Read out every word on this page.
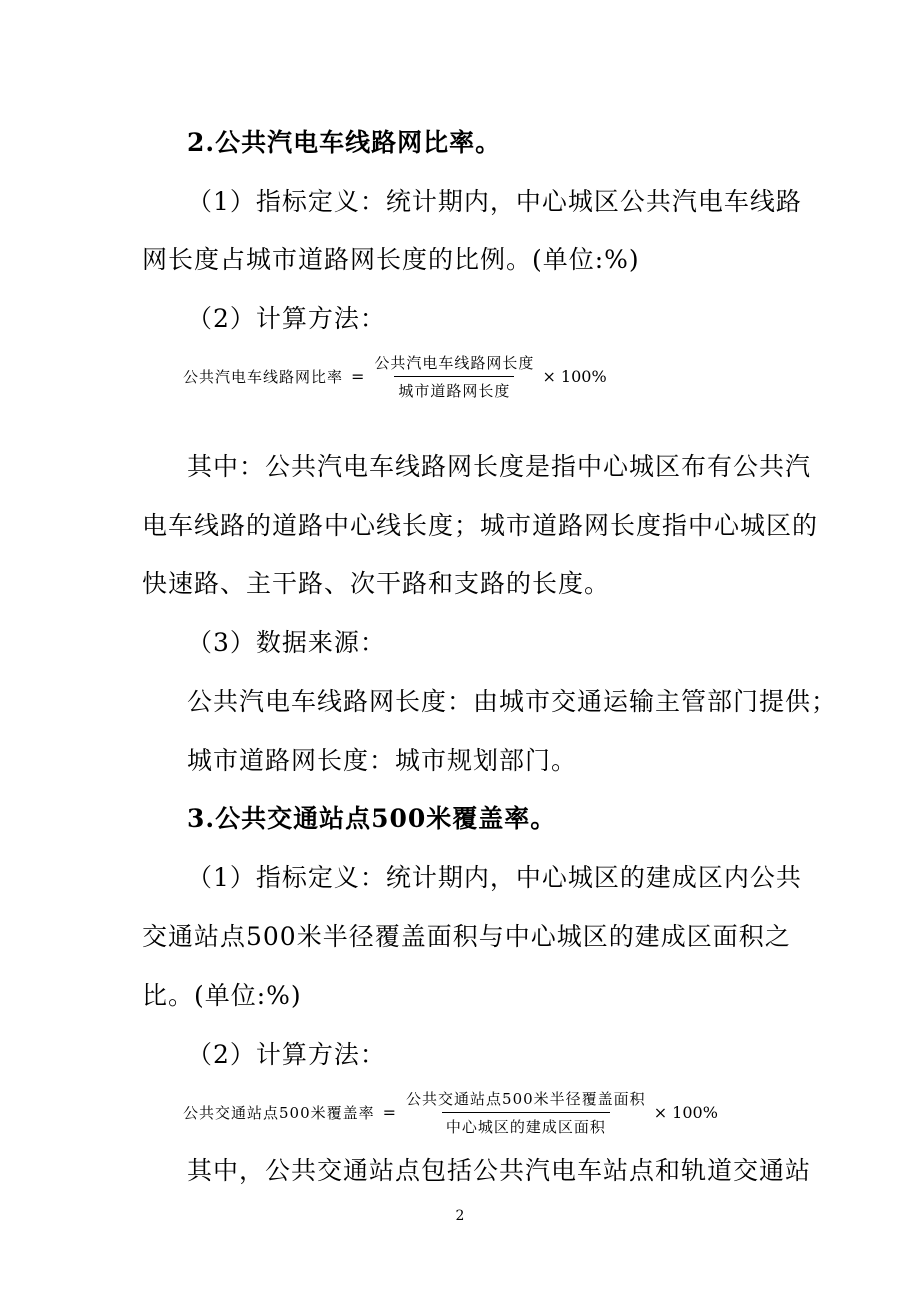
2.公共汽电车线路网比率。
（1）指标定义：统计期内，中心城区公共汽电车线路
网长度占城市道路网长度的比例。(单位:%)
（2）计算方法：
公共汽电车线路网比率 = $\frac{\text{公共汽电车线路网长度}}{\text{城市道路网长度}} \times 100\%$
其中：公共汽电车线路网长度是指中心城区布有公共汽
电车线路的道路中心线长度；城市道路网长度指中心城区的
快速路、主干路、次干路和支路的长度。
（3）数据来源：
公共汽电车线路网长度：由城市交通运输主管部门提供；
城市道路网长度：城市规划部门。
3.公共交通站点500米覆盖率。
（1）指标定义：统计期内，中心城区的建成区内公共
交通站点500米半径覆盖面积与中心城区的建成区面积之
比。(单位:%)
（2）计算方法：
公共交通站点500米覆盖率 = $\frac{\text{公共交通站点500米半径覆盖面积}}{\text{中心城区的建成区面积}} \times 100\%$
其中，公共交通站点包括公共汽电车站点和轨道交通站
2
